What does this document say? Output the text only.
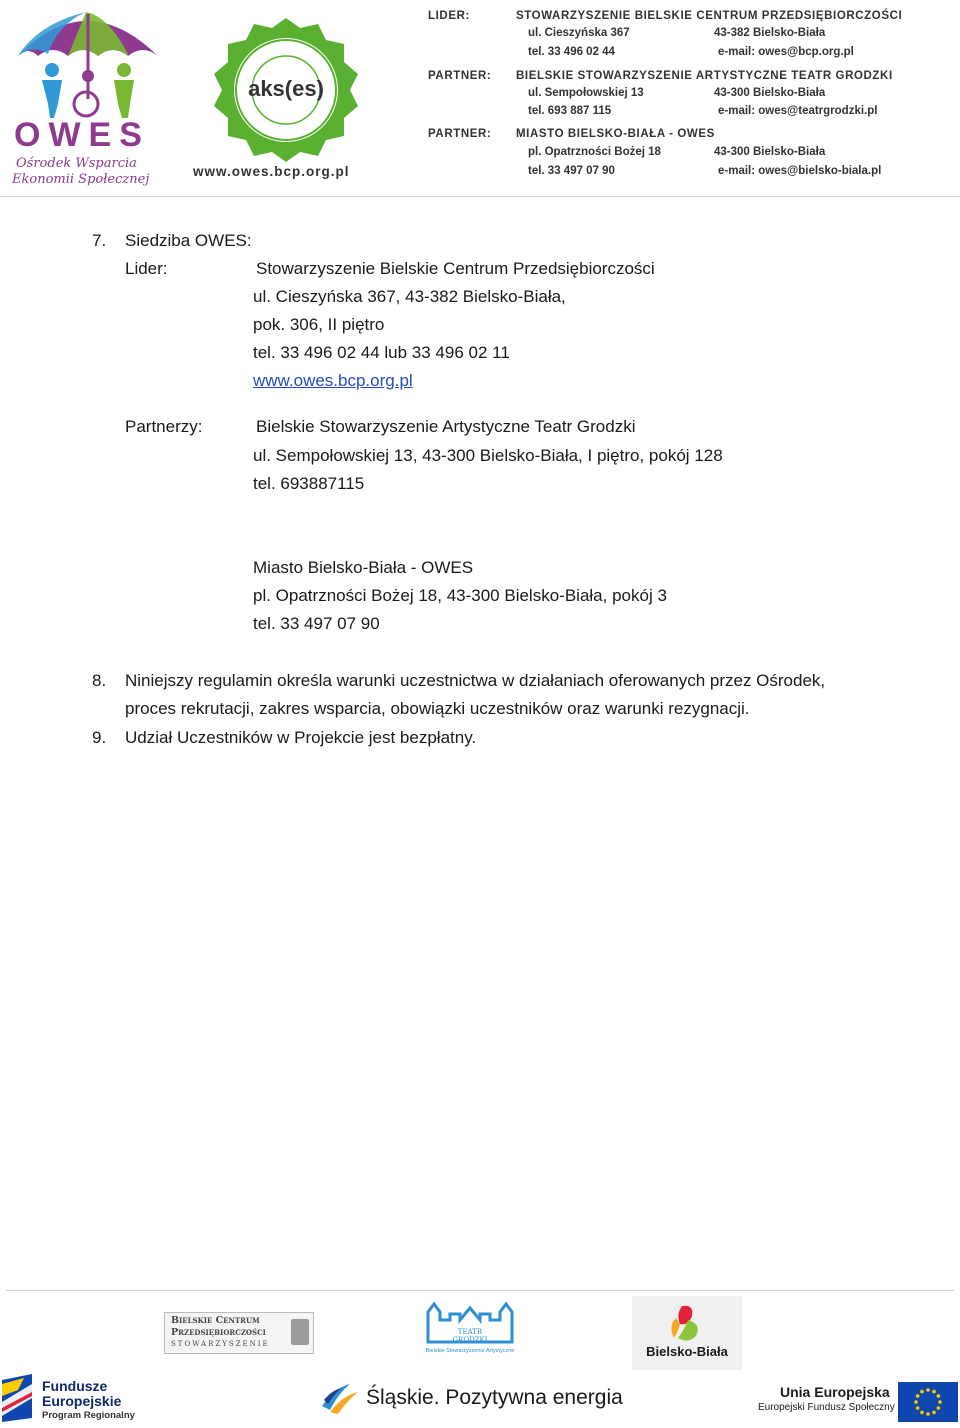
OWES
Ośrodek Wsparcia
Ekonomii Społecznej
aks(es)
www.owes.bcp.org.pl
LIDER:	STOWARZYSZENIE BIELSKIE CENTRUM PRZEDSIĘBIORCZOŚCI
ul. Cieszyńska 367	43-382 Bielsko-Biała
tel. 33 496 02 44	e-mail: owes@bcp.org.pl
PARTNER:	BIELSKIE STOWARZYSZENIE ARTYSTYCZNE TEATR GRODZKI
ul. Sempołowskiej 13	43-300 Bielsko-Biała
tel. 693 887 115	e-mail: owes@teatrgrodzki.pl
PARTNER:	MIASTO BIELSKO-BIAŁA - OWES
pl. Opatrzności Bożej 18	43-300 Bielsko-Biała
tel. 33 497 07 90	e-mail: owes@bielsko-biala.pl
7. Siedziba OWES:
Lider:	Stowarzyszenie Bielskie Centrum Przedsiębiorczości
ul. Cieszyńska 367, 43-382 Bielsko-Biała,
pok. 306, II piętro
tel. 33 496 02 44 lub 33 496 02 11
www.owes.bcp.org.pl
Partnerzy:	Bielskie Stowarzyszenie Artystyczne Teatr Grodzki
ul. Sempołowskiej 13, 43-300 Bielsko-Biała, I piętro, pokój 128
tel. 693887115
Miasto Bielsko-Biała - OWES
pl. Opatrzności Bożej 18, 43-300 Bielsko-Biała, pokój 3
tel. 33 497 07 90
8. Niniejszy regulamin określa warunki uczestnictwa w działaniach oferowanych przez Ośrodek,
proces rekrutacji, zakres wsparcia, obowiązki uczestników oraz warunki rezygnacji.
9. Udział Uczestników w Projekcie jest bezpłatny.
Bielskie Centrum
Przedsiębiorczości
STOWARZYSZENIE
TEATR
GRODZKI
Bielskie Stowarzyszenie Artystyczne	Bielsko-Biała
Fundusze
Europejskie
Program Regionalny
Śląskie. Pozytywna energia	Unia Europejska
Europejski Fundusz Społeczny
